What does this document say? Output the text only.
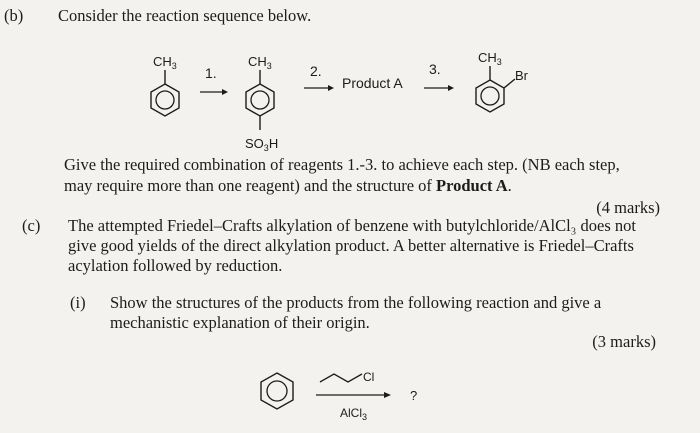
(b) Consider the reaction sequence below.
$CH_3$ 1.
$CH_3$
$SO_3H$
2.
Product A
3.
$CH_3$
Br
Give the required combination of reagents 1.-3. to achieve each step. (NB each step,
may require more than one reagent) and the structure of Product A.
(4 marks)
(c) The attempted Friedel–Crafts alkylation of benzene with butylchloride/AlCl₃ does not
give good yields of the direct alkylation product. A better alternative is Friedel–Crafts
acylation followed by reduction.
(i) Show the structures of the products from the following reaction and give a
mechanistic explanation of their origin.
(3 marks)
Cl
AlCl$_3$
?
